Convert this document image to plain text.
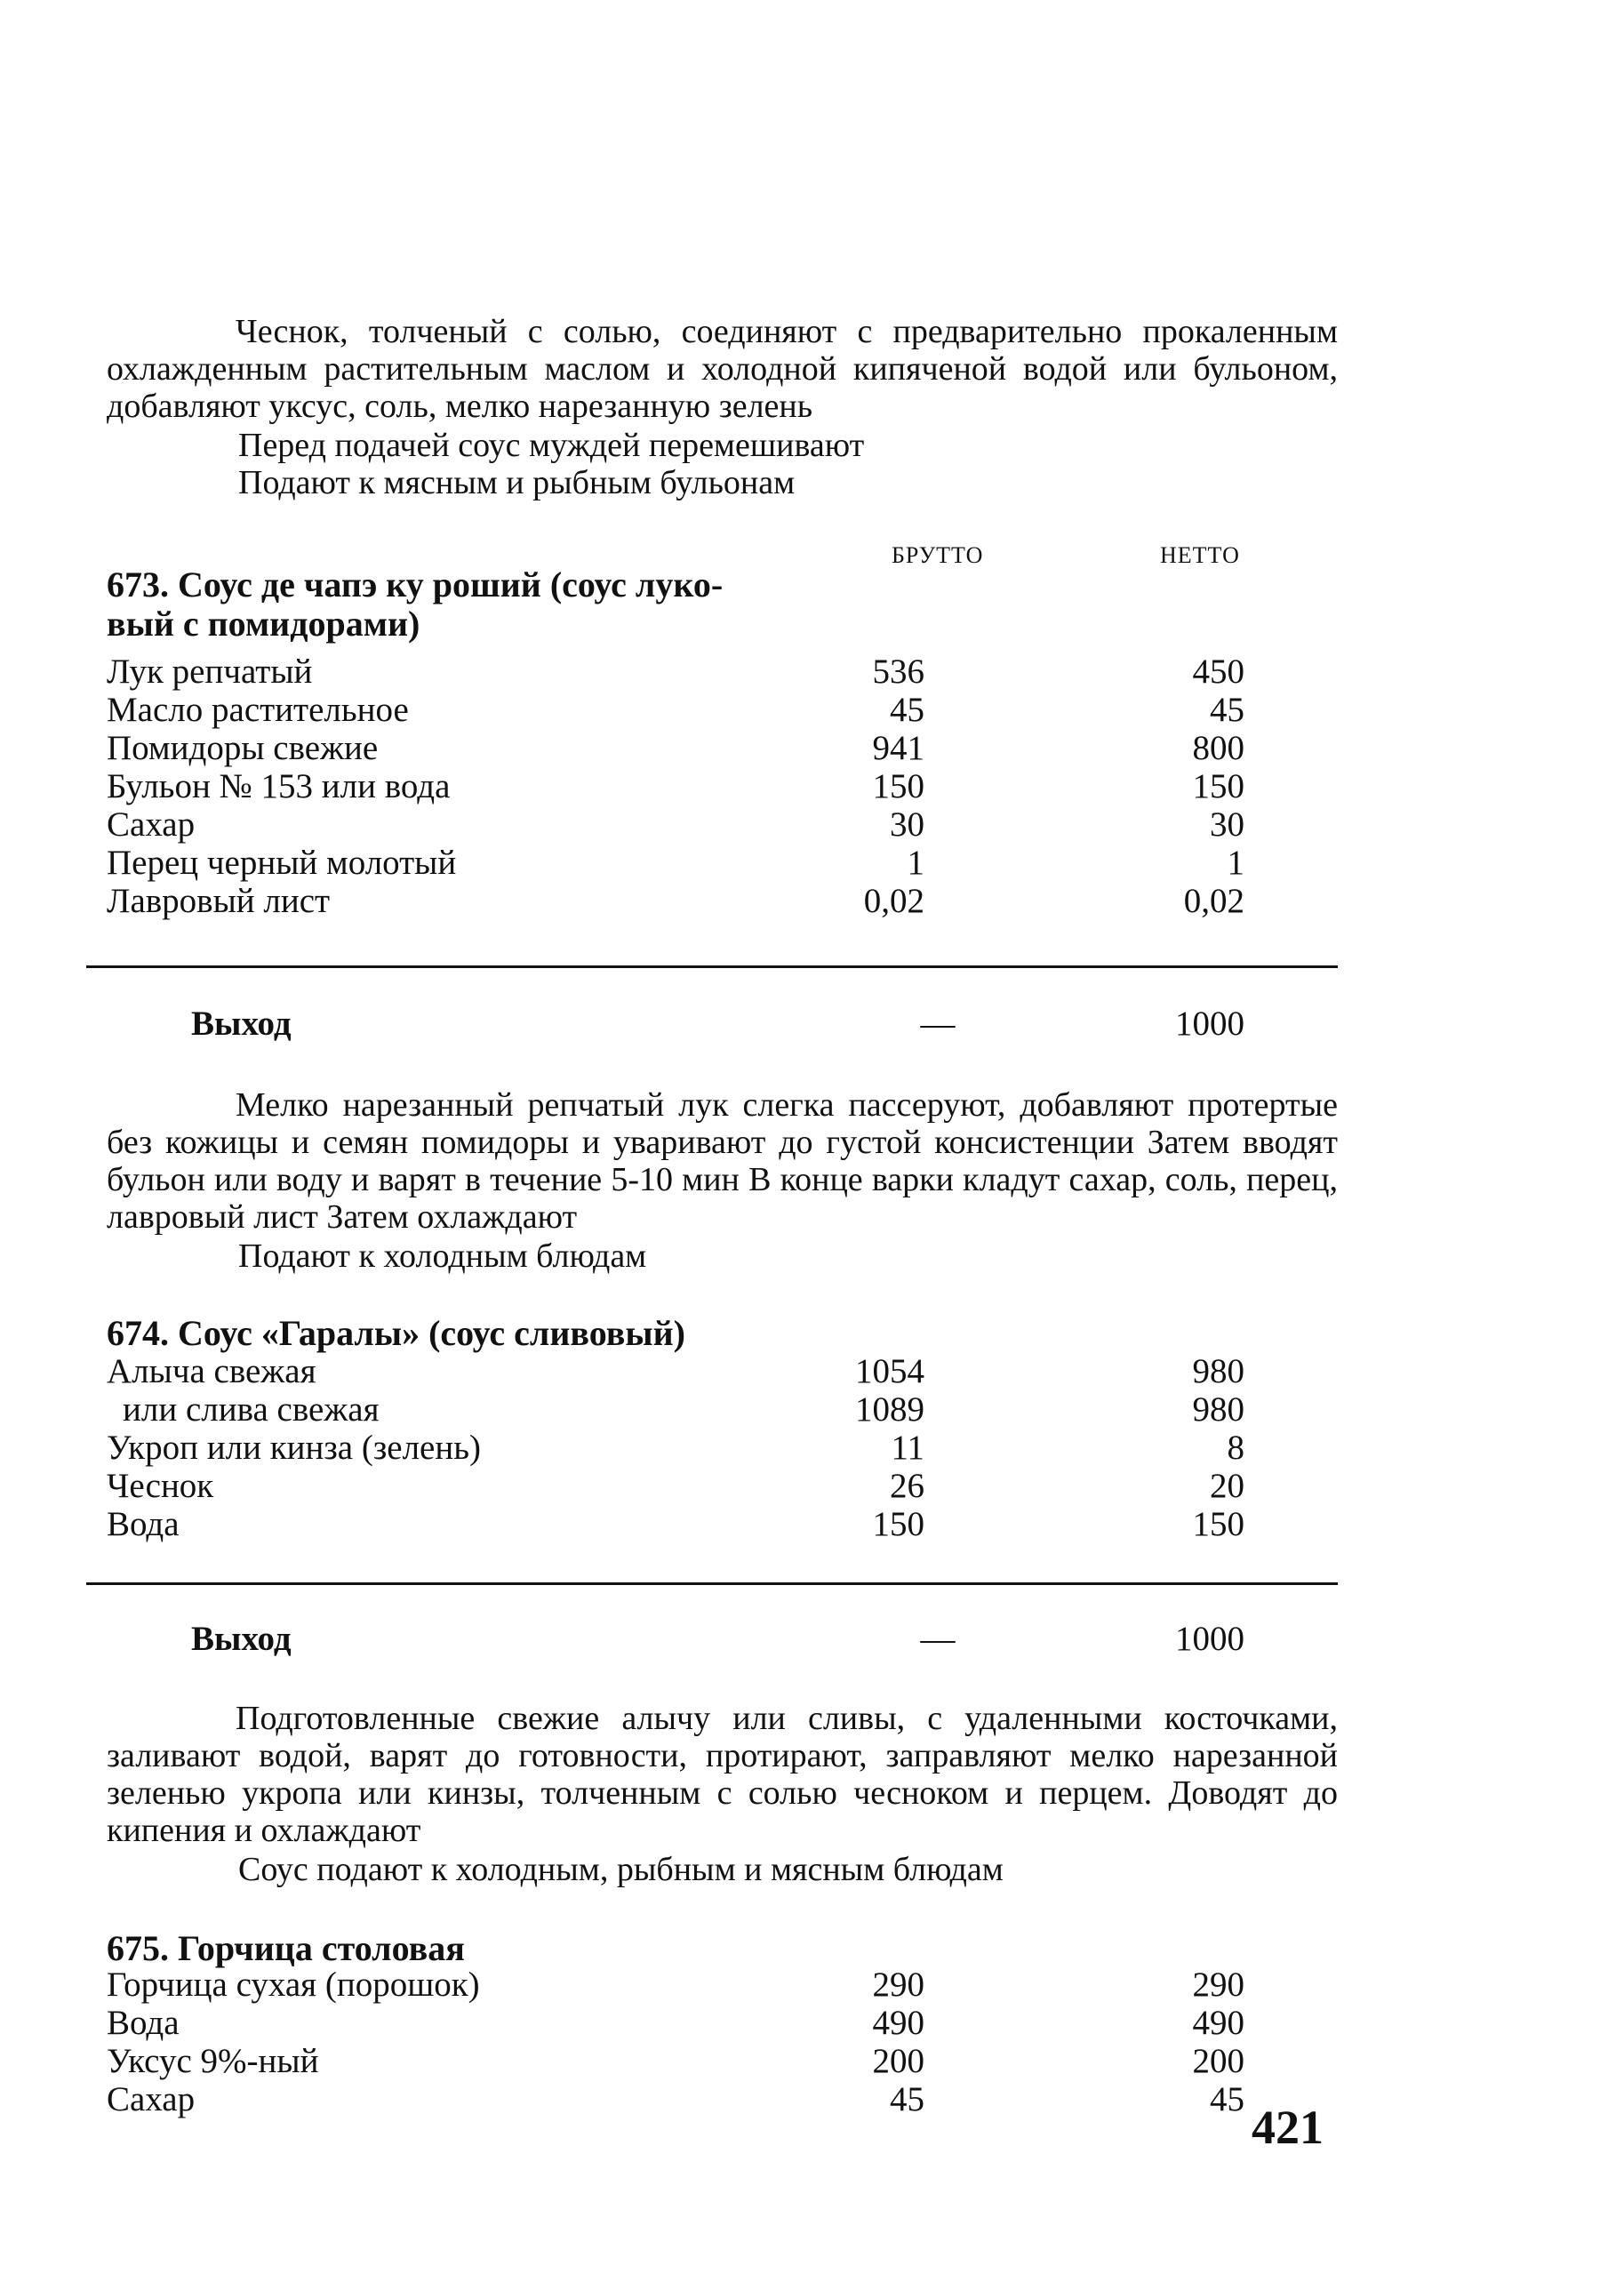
Чеснок, толченый с солью, соединяют с предварительно прокаленным охлажденным растительным маслом и холодной кипяченой водой или бульоном, добавляют уксус, соль, мелко нарезанную зелень

Перед подачей соус муждей перемешивают
Подают к мясным и рыбным бульонам
БРУТТО	НЕТТО
673. Соус де чапэ ку роший (соус луко-
вый с помидорами)
Лук репчатый	536	450
Масло растительное	45	45
Помидоры свежие	941	800
Бульон № 153 или вода	150	150
Сахар	30	30
Перец черный молотый	1	1
Лавровый лист	0,02	0,02
Выход	—	1000

Мелко нарезанный репчатый лук слегка пассеруют, добавляют протертые без кожицы и семян помидоры и уваривают до густой консистенции Затем вводят бульон или воду и варят в течение 5-10 мин В конце варки кладут сахар, соль, перец, лавровый лист Затем охлаждают

Подают к холодным блюдам
674. Соус «Гаралы» (соус сливовый)
Алыча свежая	1054	980
или слива свежая	1089	980
Укроп или кинза (зелень)	11	8
Чеснок	26	20
Вода	150	150
Выход	—	1000

Подготовленные свежие алычу или сливы, с удаленными косточками, заливают водой, варят до готовности, протирают, заправляют мелко нарезанной зеленью укропа или кинзы, толченным с солью чесноком и перцем. Доводят до кипения и охлаждают

Соус подают к холодным, рыбным и мясным блюдам
675. Горчица столовая
Горчица сухая (порошок)	290	290
Вода	490	490
Уксус 9%-ный	200	200
Сахар	45	45
421
